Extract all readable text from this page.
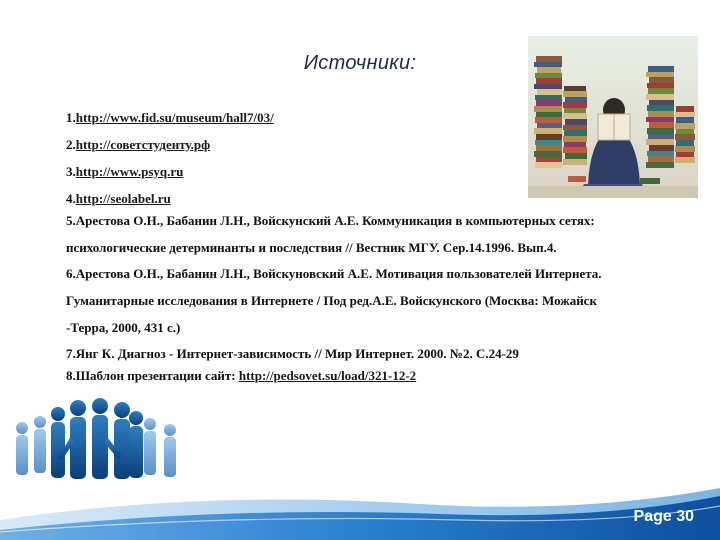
Источники:
1.http://www.fid.su/museum/hall7/03/
2.http://советстуденту.рф
3.http://www.psyq.ru
4.http://seolabel.ru
5.Арестова О.Н., Бабанин Л.Н., Войскунский А.Е. Коммуникация в компьютерных сетях:
психологические детерминанты и последствия // Вестник МГУ. Сер.14.1996. Вып.4.
6.Арестова О.Н., Бабанин Л.Н., Войскуновский А.Е. Мотивация пользователей Интернета.
Гуманитарные исследования в Интернете / Под ред.А.Е. Войскунского (Москва: Можайск
-Терра, 2000, 431 с.)
7.Янг К. Диагноз - Интернет-зависимость // Мир Интернет. 2000. №2. С.24-29
8.Шаблон презентации сайт: http://pedsovet.su/load/321-12-2
Page 30
